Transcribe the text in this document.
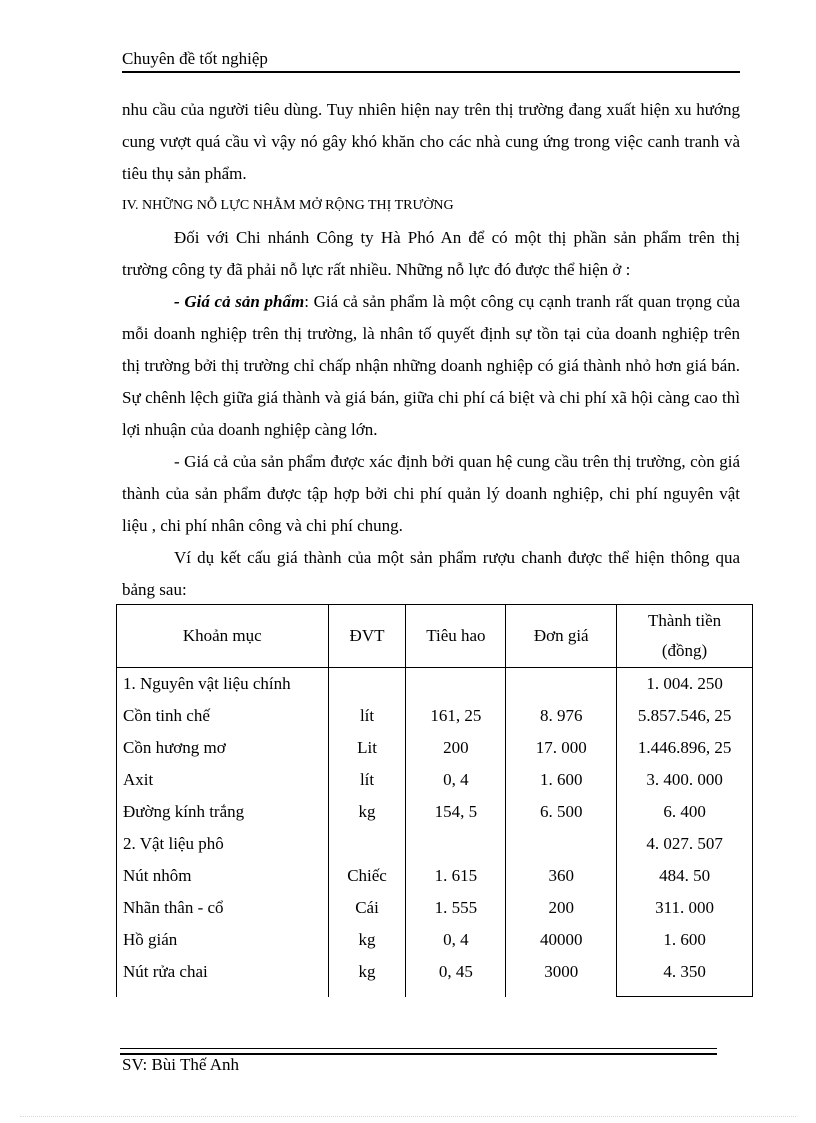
Chuyên đề tốt nghiệp

nhu cầu của người tiêu dùng. Tuy nhiên hiện nay trên thị trường đang xuất hiện xu hướng cung vượt quá cầu vì vậy nó gây khó khăn cho các nhà cung ứng trong việc canh tranh và tiêu thụ sản phẩm.

IV. NHỮNG NỖ LỰC NHẰM MỞ RỘNG THỊ TRƯỜNG

Đối với Chi nhánh Công ty Hà Phó An để có một thị phần sản phẩm trên thị trường công ty đã phải nỗ lực rất nhiều. Những nỗ lực đó được thể hiện ở :

- Giá cả sản phẩm: Giá cả sản phẩm là một công cụ cạnh tranh rất quan trọng của mỗi doanh nghiệp trên thị trường, là nhân tố quyết định sự tồn tại của doanh nghiệp trên thị trường bởi thị trường chỉ chấp nhận những doanh nghiệp có giá thành nhỏ hơn giá bán. Sự chênh lệch giữa giá thành và giá bán, giữa chi phí cá biệt và chi phí xã hội càng cao thì lợi nhuận của doanh nghiệp càng lớn.

- Giá cả của sản phẩm được xác định bởi quan hệ cung cầu trên thị trường, còn giá thành của sản phẩm được tập hợp bởi chi phí quản lý doanh nghiệp, chi phí nguyên vật liệu , chi phí nhân công và chi phí chung.

Ví dụ kết cấu giá thành của một sản phẩm rượu chanh được thể hiện thông qua bảng sau:

Khoản mục	ĐVT	Tiêu hao	Đơn giá	Thành tiền
(đồng)
1. Nguyên vật liệu chính				1. 004. 250
Cồn tinh chế	lít	161, 25	8. 976	5.857.546, 25
Cồn hương mơ	Lit	200	17. 000	1.446.896, 25
Axit	lít	0, 4	1. 600	3. 400. 000
Đường kính trắng	kg	154, 5	6. 500	6. 400
2. Vật liệu phô				4. 027. 507
Nút nhôm	Chiếc	1. 615	360	484. 50
Nhãn thân - cổ	Cái	1. 555	200	311. 000
Hồ gián	kg	0, 4	40000	1. 600
Nút rửa chai	kg	0, 45	3000	4. 350
SV: Bùi Thế Anh
